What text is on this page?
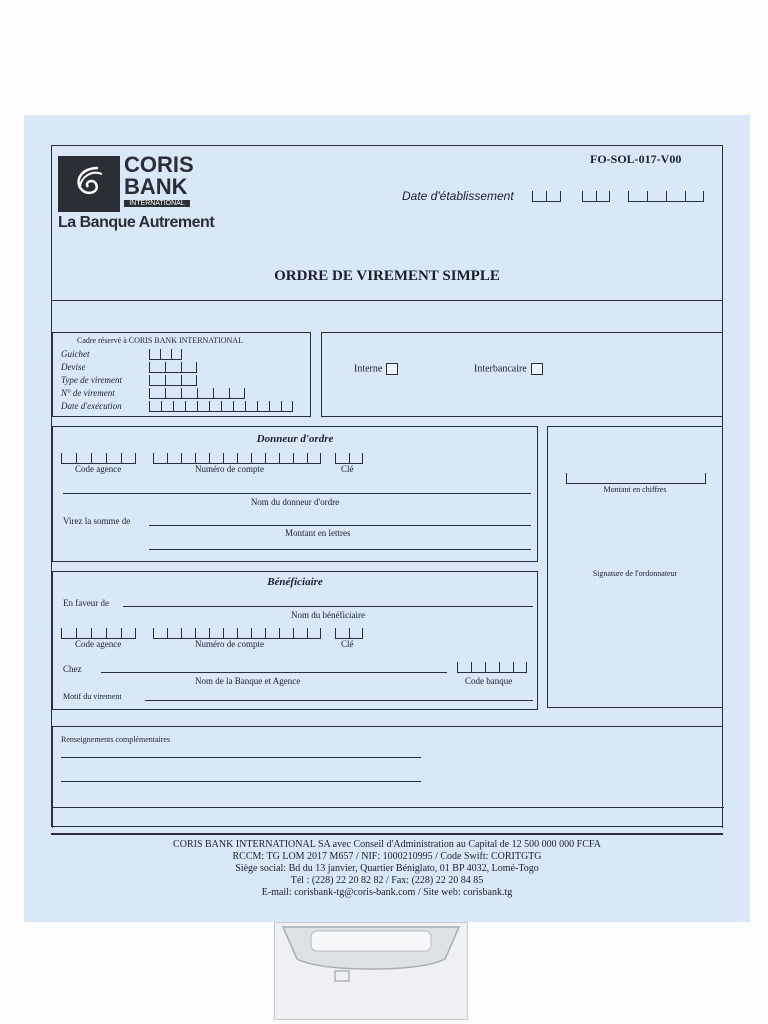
CORIS
BANK
INTERNATIONAL
La Banque Autrement
FO-SOL-017-V00
Date d'établissement
ORDRE DE VIREMENT SIMPLE
Cadre réservé à CORIS BANK INTERNATIONAL
Guichet
Devise
Type de virement
N° de virement
Date d'exécution
Interne	Interbancaire
Donneur d'ordre
Code agence	Numéro de compte	Clé
Nom du donneur d'ordre
Virez la somme de
Montant en lettres
Montant en chiffres
Signature de l'ordonnateur
Bénéficiaire
En faveur de
Nom du bénéficiaire
Code agence	Numéro de compte	Clé
Chez
Nom de la Banque et Agence	Code banque
Motif du virement
Renseignements complémentaires
CORIS BANK INTERNATIONAL SA avec Conseil d'Administration au Capital de 12 500 000 000 FCFA
RCCM: TG LOM 2017 M657 / NIF: 1000210995 / Code Swift: CORITGTG
Siège social: Bd du 13 janvier, Quartier Béniglato, 01 BP 4032, Lomé-Togo
Tél : (228) 22 20 82 82 / Fax: (228) 22 20 84 85
E-mail: corisbank-tg@coris-bank.com / Site web: corisbank.tg
